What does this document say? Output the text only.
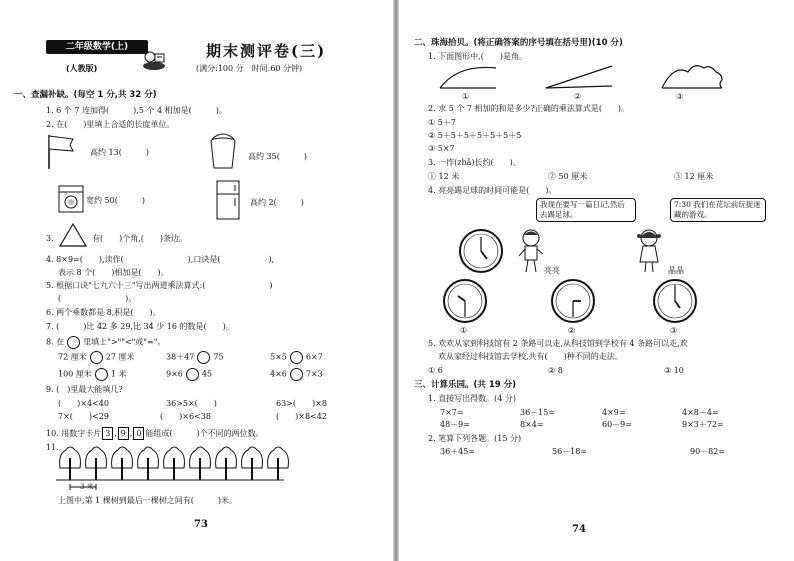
二年级数学(上)
(人教版)
期末测评卷(三)
(满分:100 分　时间:60 分钟)
一、查漏补缺。(每空 1 分,共 32 分)
1. 6 个 7 连加得(　　　),5 个 4 相加是(　　　)。
2. 在(　　)里填上合适的长度单位。
高约 13(　　　)	高约 35(　　　)
宽约 50(　　　)	高约 2(　　　)
3.	有(　　)个角,(　　)条边。
4. 8×9=(　　),读作(　　　　　　　　),口诀是(　　　　　　),
表示 8 个(　　)相加是(　　)。
5. 根据口诀"七九六十三"写出两道乘法算式:(　　　　　　　　)
(　　　　　　　　)。
6. 两个乘数都是 8,积是(　　)。
7. (　　　)比 42 多 29,比 34 少 16 的数是(　　)。
8. 在 里填上">""<"或"="。
72 厘米 27 厘米	38＋47 75	5×5 6×7
100 厘米 1 米	9×6 45	4×6 7×3
9. (　)里最大能填几?
(　　)×4<40	36>5×(　　)	63>(　　)×8
7×(　　)<29	(　　)×6<38	(　　)×8<42
10. 用数字卡片 3 , 9 , 0 能组成(　　　)个不同的两位数。
11.
3 米
上图中,第 1 棵树到最后一棵树之间有(　　　)米。
73
二、珠海拾贝。(将正确答案的序号填在括号里)(10 分)
1. 下面图形中,(　　)是角。
①	②	③
2. 求 5 个 7 相加的和是多少?正确的乘法算式是(　　)。
① 5＋7
② 5＋5＋5＋5＋5＋5＋5
③ 5×7
3. 一拃(zhǎ)长约(　　)。
① 12 米	② 50 厘米	③ 12 厘米
4. 亮亮踢足球的时间可能是(　　)。
我现在要写一篇日记,然后去踢足球。
7:30 我们在花坛前玩捉迷藏的游戏。
亮亮	晶晶
①	②	③
5. 欢欢从家到科技馆有 2 条路可以走,从科技馆到学校有 4 条路可以走,欢
欢从家经过科技馆去学校,共有(　　)种不同的走法。
① 6	② 8	③ 10
三、计算乐园。(共 19 分)
1. 直接写出得数。(4 分)
7×7=	36－15=	4×9=	4×8－4=
48－9=	8×4=	60－9=	9×3＋72=
2. 笔算下列各题。(15 分)
36＋45=	56－18=	90－82=
74
